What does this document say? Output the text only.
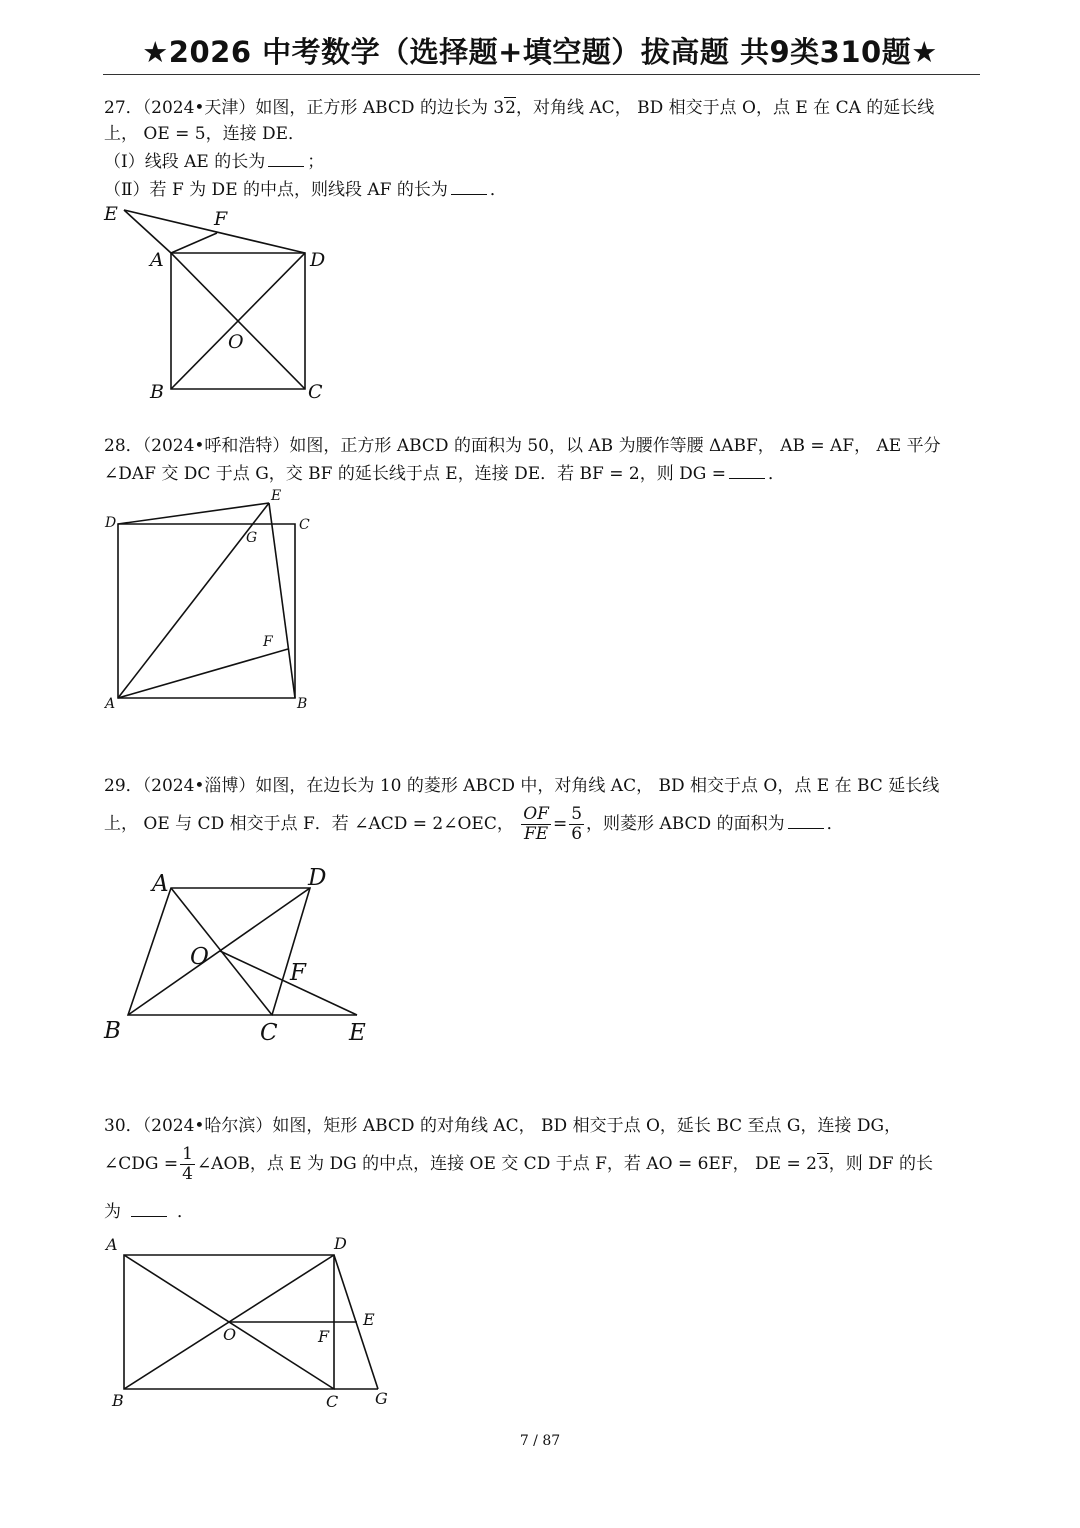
★2026 中考数学（选择题+填空题）拔高题 共9类310题★
27．（2024•天津）如图，正方形 ABCD 的边长为 32，对角线 AC， BD 相交于点 O，点 E 在 CA 的延长线
上， OE = 5，连接 DE．
（Ⅰ）线段 AE 的长为 ；
（Ⅱ）若 F 为 DE 的中点，则线段 AF 的长为 ．
E	F
A	D
O
B	C
28．（2024•呼和浩特）如图，正方形 ABCD 的面积为 50，以 AB 为腰作等腰 ΔABF， AB = AF， AE 平分
∠DAF 交 DC 于点 G，交 BF 的延长线于点 E，连接 DE．若 BF = 2，则 DG = ．
E
D	C
G
F
A	B
29．（2024•淄博）如图，在边长为 10 的菱形 ABCD 中，对角线 AC， BD 相交于点 O，点 E 在 BC 延长线
上， OE 与 CD 相交于点 F．若 ∠ACD = 2∠OEC， $\frac{OF}{FE} = \frac{5}{6}$ ，则菱形 ABCD 的面积为 ．
A	D
O
F
B	C	E
30．（2024•哈尔滨）如图，矩形 ABCD 的对角线 AC， BD 相交于点 O，延长 BC 至点 G，连接 DG，
∠CDG = $\frac{1}{4}$ ∠AOB，点 E 为 DG 的中点，连接 OE 交 CD 于点 F，若 AO = 6EF， DE = 23，则 DF 的长
为	．
A	D
E
O	F
B	C G
7 / 87
